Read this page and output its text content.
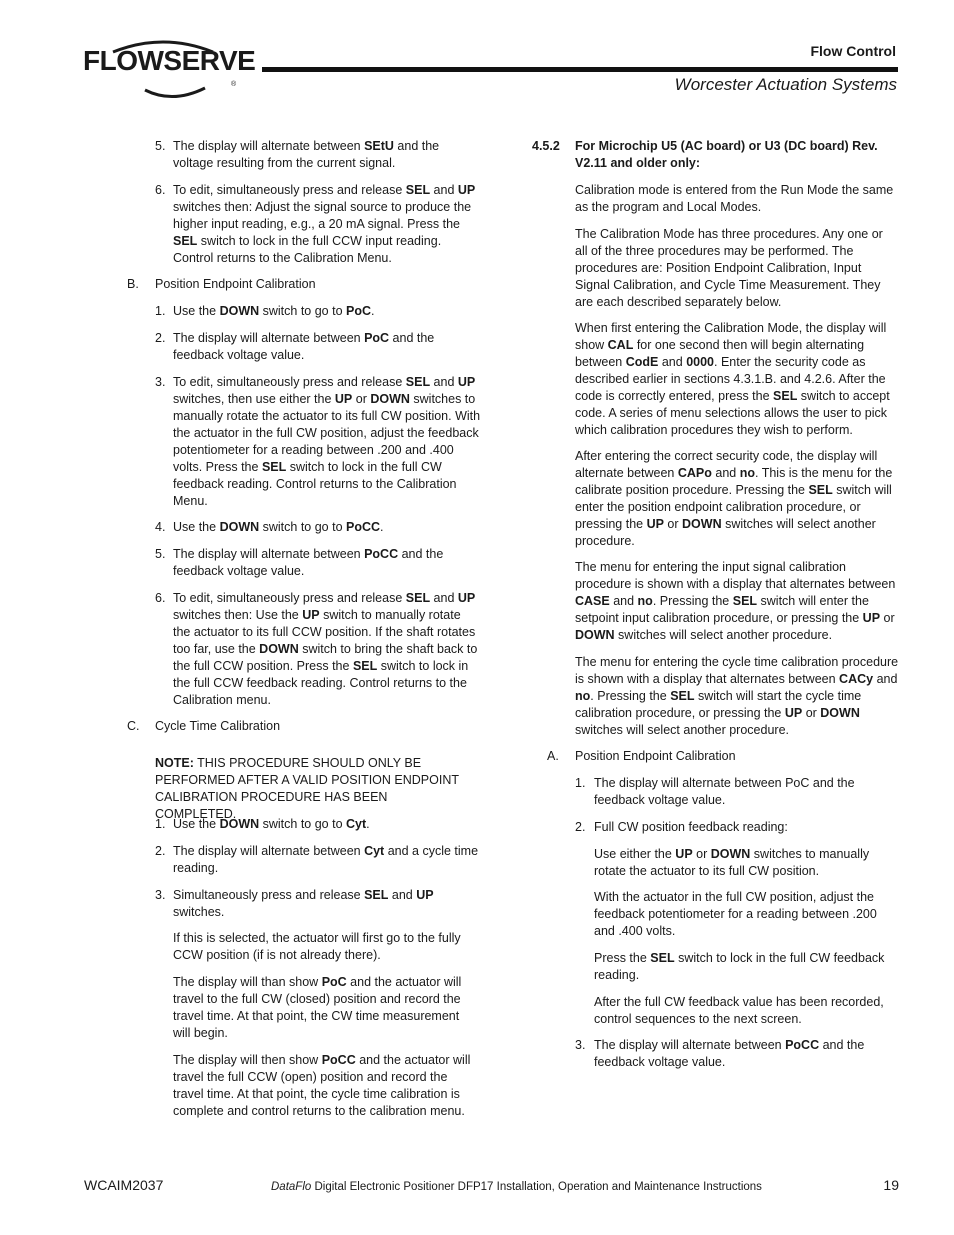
FLOWSERVE
®
Flow Control
Worcester Actuation Systems
5. The display will alternate between SEtU and the voltage resulting from the current signal.
6. To edit, simultaneously press and release SEL and UP switches then: Adjust the signal source to produce the higher input reading, e.g., a 20 mA signal. Press the SEL switch to lock in the full CCW input reading. Control returns to the Calibration Menu.
B. Position Endpoint Calibration
1. Use the DOWN switch to go to PoC.
2. The display will alternate between PoC and the feedback voltage value.
3. To edit, simultaneously press and release SEL and UP switches, then use either the UP or DOWN switches to manually rotate the actuator to its full CW position. With the actuator in the full CW position, adjust the feedback potentiometer for a reading between .200 and .400 volts. Press the SEL switch to lock in the full CW feedback reading. Control returns to the Calibration Menu.
4. Use the DOWN switch to go to PoCC.
5. The display will alternate between PoCC and the feedback voltage value.
6. To edit, simultaneously press and release SEL and UP switches then: Use the UP switch to manually rotate the actuator to its full CCW position. If the shaft rotates too far, use the DOWN switch to bring the shaft back to the full CCW position. Press the SEL switch to lock in the full CCW feedback reading. Control returns to the Calibration menu.
C. Cycle Time Calibration
NOTE: THIS PROCEDURE SHOULD ONLY BE PERFORMED AFTER A VALID POSITION ENDPOINT CALIBRATION PROCEDURE HAS BEEN COMPLETED.
1. Use the DOWN switch to go to Cyt.
2. The display will alternate between Cyt and a cycle time reading.
3. Simultaneously press and release SEL and UP switches.
If this is selected, the actuator will first go to the fully CCW position (if is not already there).
The display will than show PoC and the actuator will travel to the full CW (closed) position and record the travel time. At that point, the CW time measurement will begin.
The display will then show PoCC and the actuator will travel the full CCW (open) position and record the travel time. At that point, the cycle time calibration is complete and control returns to the calibration menu.
4.5.2 For Microchip U5 (AC board) or U3 (DC board) Rev. V2.11 and older only:
Calibration mode is entered from the Run Mode the same as the program and Local Modes.
The Calibration Mode has three procedures. Any one or all of the three procedures may be performed. The procedures are: Position Endpoint Calibration, Input Signal Calibration, and Cycle Time Measurement. They are each described separately below.
When first entering the Calibration Mode, the display will show CAL for one second then will begin alternating between CodE and 0000. Enter the security code as described earlier in sections 4.3.1.B. and 4.2.6. After the code is correctly entered, press the SEL switch to accept code. A series of menu selections allows the user to pick which calibration procedures they wish to perform.
After entering the correct security code, the display will alternate between CAPo and no. This is the menu for the calibrate position procedure. Pressing the SEL switch will enter the position endpoint calibration procedure, or pressing the UP or DOWN switches will select another procedure.
The menu for entering the input signal calibration procedure is shown with a display that alternates between CASE and no. Pressing the SEL switch will enter the setpoint input calibration procedure, or pressing the UP or DOWN switches will select another procedure.
The menu for entering the cycle time calibration procedure is shown with a display that alternates between CACy and no. Pressing the SEL switch will start the cycle time calibration procedure, or pressing the UP or DOWN switches will select another procedure.
A. Position Endpoint Calibration
1. The display will alternate between PoC and the feedback voltage value.
2. Full CW position feedback reading:
Use either the UP or DOWN switches to manually rotate the actuator to its full CW position.
With the actuator in the full CW position, adjust the feedback potentiometer for a reading between .200 and .400 volts.
Press the SEL switch to lock in the full CW feedback reading.
After the full CW feedback value has been recorded, control sequences to the next screen.
3. The display will alternate between PoCC and the feedback voltage value.
WCAIM2037	DataFlo Digital Electronic Positioner DFP17 Installation, Operation and Maintenance Instructions	19
